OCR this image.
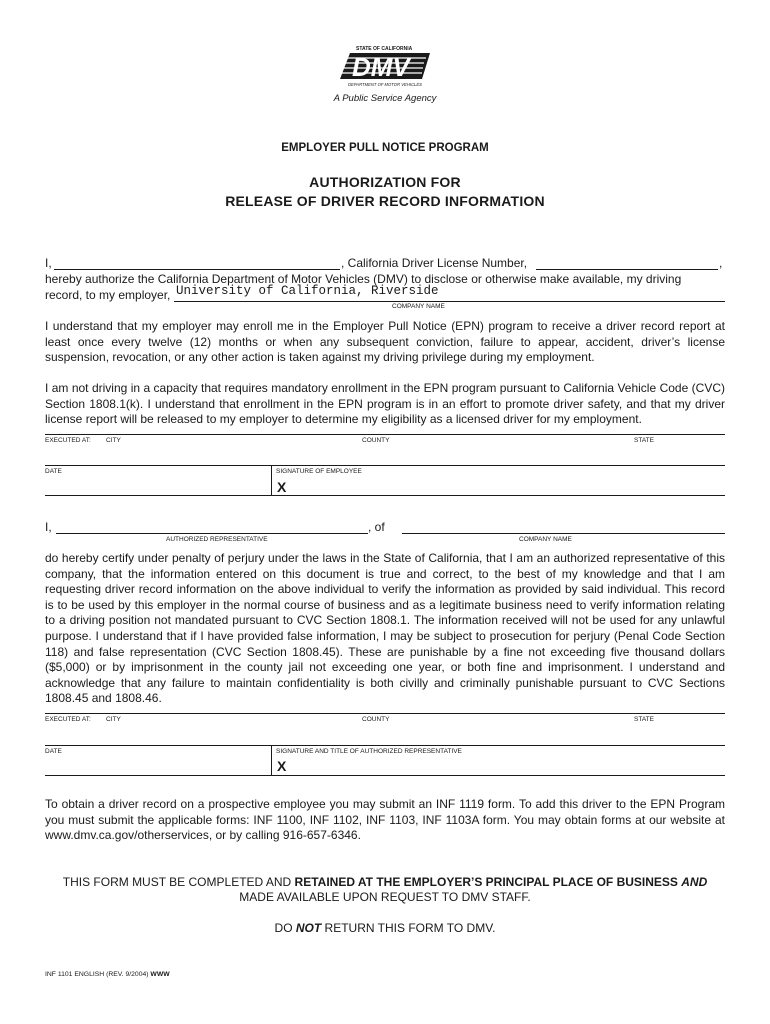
STATE OF CALIFORNIA
DMV
DEPARTMENT OF MOTOR VEHICLES
A Public Service Agency
EMPLOYER PULL NOTICE PROGRAM
AUTHORIZATION FOR
RELEASE OF DRIVER RECORD INFORMATION
I,	, California Driver License Number,	,
hereby authorize the California Department of Motor Vehicles (DMV) to disclose or otherwise make available, my driving
record, to my employer, University of California, Riverside
COMPANY NAME
I understand that my employer may enroll me in the Employer Pull Notice (EPN) program to receive a driver record report at least once every twelve (12) months or when any subsequent conviction, failure to appear, accident, driver’s license suspension, revocation, or any other action is taken against my driving privilege during my employment.
I am not driving in a capacity that requires mandatory enrollment in the EPN program pursuant to California Vehicle Code (CVC) Section 1808.1(k). I understand that enrollment in the EPN program is in an effort to promote driver safety, and that my driver license report will be released to my employer to determine my eligibility as a licensed driver for my employment.
EXECUTED AT: CITY	COUNTY	STATE
DATE	SIGNATURE OF EMPLOYEE
X
I,	, of
AUTHORIZED REPRESENTATIVE	COMPANY NAME
do hereby certify under penalty of perjury under the laws in the State of California, that I am an authorized representative of this company, that the information entered on this document is true and correct, to the best of my knowledge and that I am requesting driver record information on the above individual to verify the information as provided by said individual. This record is to be used by this employer in the normal course of business and as a legitimate business need to verify information relating to a driving position not mandated pursuant to CVC Section 1808.1. The information received will not be used for any unlawful purpose. I understand that if I have provided false information, I may be subject to prosecution for perjury (Penal Code Section 118) and false representation (CVC Section 1808.45). These are punishable by a fine not exceeding five thousand dollars ($5,000) or by imprisonment in the county jail not exceeding one year, or both fine and imprisonment. I understand and acknowledge that any failure to maintain confidentiality is both civilly and criminally punishable pursuant to CVC Sections 1808.45 and 1808.46.
EXECUTED AT: CITY	COUNTY	STATE
DATE	SIGNATURE AND TITLE OF AUTHORIZED REPRESENTATIVE
X
To obtain a driver record on a prospective employee you may submit an INF 1119 form. To add this driver to the EPN Program you must submit the applicable forms: INF 1100, INF 1102, INF 1103, INF 1103A form. You may obtain forms at our website at www.dmv.ca.gov/otherservices, or by calling 916-657-6346.
THIS FORM MUST BE COMPLETED AND RETAINED AT THE EMPLOYER’S PRINCIPAL PLACE OF BUSINESS AND
MADE AVAILABLE UPON REQUEST TO DMV STAFF.
DO NOT RETURN THIS FORM TO DMV.
INF 1101 ENGLISH (REV. 9/2004) WWW
